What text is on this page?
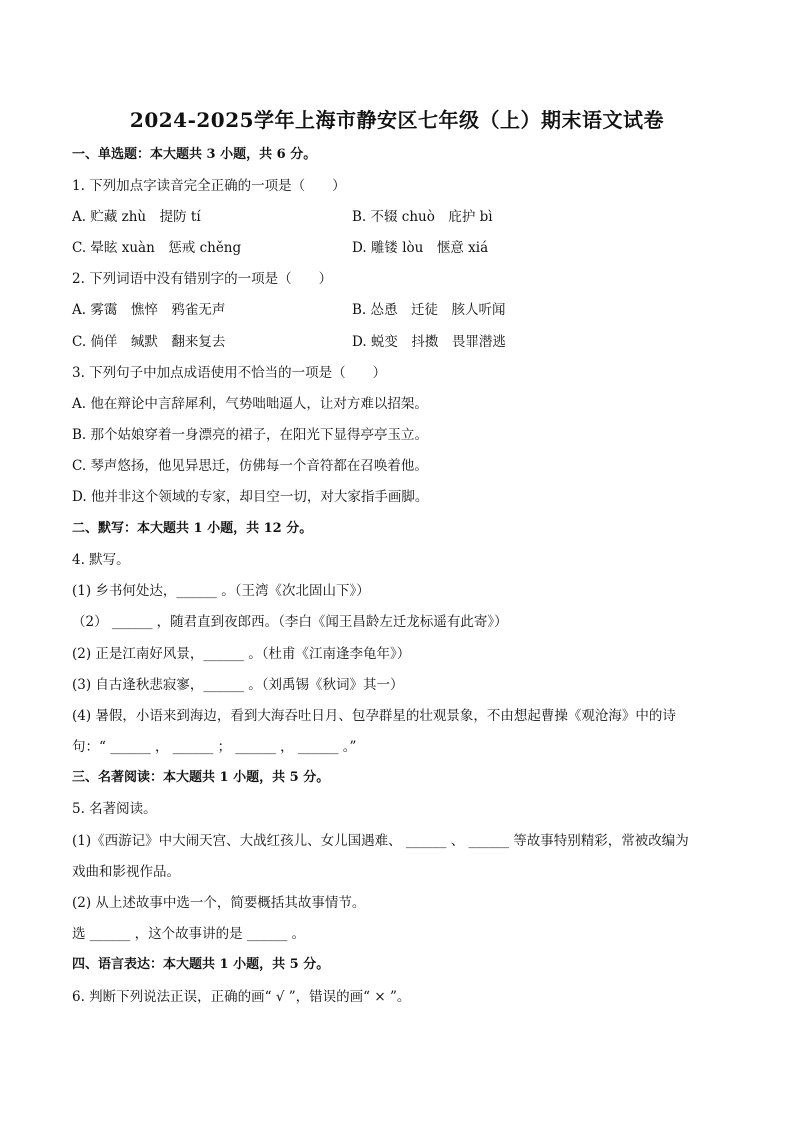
2024-2025学年上海市静安区七年级（上）期末语文试卷
一、单选题：本大题共 3 小题，共 6 分。
1. 下列加点字读音完全正确的一项是（　　）
A. 贮藏 zhù　提防 tí	B. 不辍 chuò　庇护 bì
C. 晕眩 xuàn　惩戒 chěng	D. 雕镂 lòu　惬意 xiá
2. 下列词语中没有错别字的一项是（　　）
A. 雾霭　憔悴　鸦雀无声	B. 怂恿　迁徒　胲人听闻
C. 倘佯　缄默　翻来复去	D. 蜕变　抖擞　畏罪潜逃
3. 下列句子中加点成语使用不恰当的一项是（　　）
A. 他在辩论中言辞犀利，气势咄咄逼人，让对方难以招架。
B. 那个姑娘穿着一身漂亮的裙子，在阳光下显得亭亭玉立。
C. 琴声悠扬，他见异思迁，仿佛每一个音符都在召唤着他。
D. 他并非这个领域的专家，却目空一切，对大家指手画脚。
二、默写：本大题共 1 小题，共 12 分。
4. 默写。
(1) 乡书何处达，______ 。（王湾《次北固山下》）
（2） ______ ，随君直到夜郎西。（李白《闻王昌龄左迁龙标遥有此寄》）
(2) 正是江南好风景，______ 。（杜甫《江南逢李龟年》）
(3) 自古逢秋悲寂寥，______ 。（刘禹锡《秋词》其一）
(4) 暑假，小语来到海边，看到大海吞吐日月、包孕群星的壮观景象，不由想起曹操《观沧海》中的诗
句：“ ______ ， ______ ； ______ ， ______ 。”
三、名著阅读：本大题共 1 小题，共 5 分。
5. 名著阅读。
(1)《西游记》中大闹天宫、大战红孩儿、女儿国遇难、 ______ 、 ______ 等故事特别精彩，常被改编为
戏曲和影视作品。
(2) 从上述故事中选一个，简要概括其故事情节。
选 ______ ，这个故事讲的是 ______ 。
四、语言表达：本大题共 1 小题，共 5 分。
6. 判断下列说法正误，正确的画“ √ ”，错误的画“ × ”。
